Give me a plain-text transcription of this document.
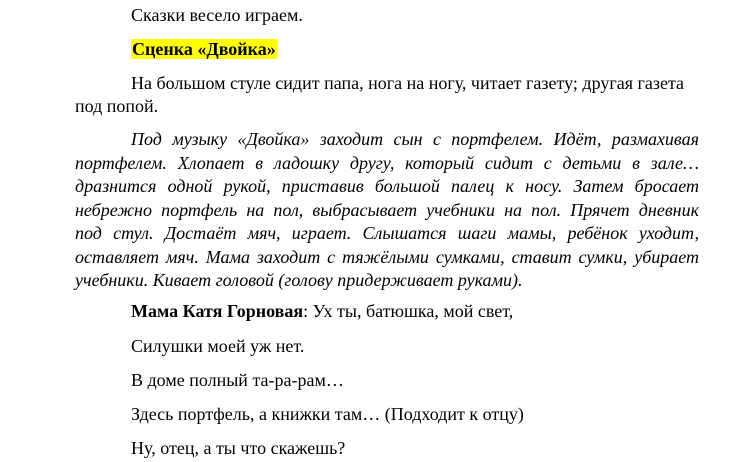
Сказки весело играем.
Сценка «Двойка»
На большом стуле сидит папа, нога на ногу, читает газету; другая газета
под попой.
Под музыку «Двойка» заходит сын с портфелем. Идёт, размахивая
портфелем. Хлопает в ладошку другу, который сидит с детьми в зале…
дразнится одной рукой, приставив большой палец к носу. Затем бросает
небрежно портфель на пол, выбрасывает учебники на пол. Прячет дневник
под стул. Достаёт мяч, играет. Слышатся шаги мамы, ребёнок уходит,
оставляет мяч. Мама заходит с тяжёлыми сумками, ставит сумки, убирает
учебники. Кивает головой (голову придерживает руками).
Мама Катя Горновая: Ух ты, батюшка, мой свет,
Силушки моей уж нет.
В доме полный та-ра-рам…
Здесь портфель, а книжки там… (Подходит к отцу)
Ну, отец, а ты что скажешь?
